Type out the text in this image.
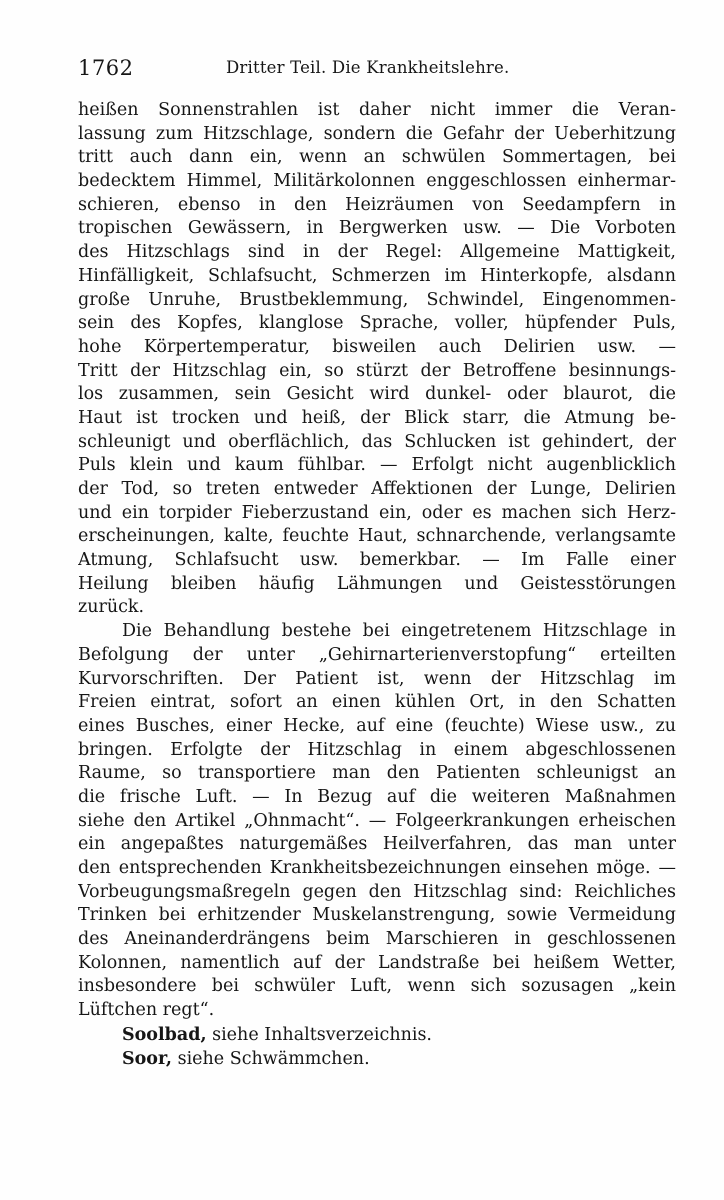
1762	Dritter Teil. Die Krankheitslehre.
heißen Sonnenstrahlen ist daher nicht immer die Veran-
lassung zum Hitzschlage, sondern die Gefahr der Ueberhitzung
tritt auch dann ein, wenn an schwülen Sommertagen, bei
bedecktem Himmel, Militärkolonnen enggeschlossen einhermar-
schieren, ebenso in den Heizräumen von Seedampfern in
tropischen Gewässern, in Bergwerken usw. — Die Vorboten
des Hitzschlags sind in der Regel: Allgemeine Mattigkeit,
Hinfälligkeit, Schlafsucht, Schmerzen im Hinterkopfe, alsdann
große Unruhe, Brustbeklemmung, Schwindel, Eingenommen-
sein des Kopfes, klanglose Sprache, voller, hüpfender Puls,
hohe Körpertemperatur, bisweilen auch Delirien usw. —
Tritt der Hitzschlag ein, so stürzt der Betroffene besinnungs-
los zusammen, sein Gesicht wird dunkel- oder blaurot, die
Haut ist trocken und heiß, der Blick starr, die Atmung be-
schleunigt und oberflächlich, das Schlucken ist gehindert, der
Puls klein und kaum fühlbar. — Erfolgt nicht augenblicklich
der Tod, so treten entweder Affektionen der Lunge, Delirien
und ein torpider Fieberzustand ein, oder es machen sich Herz-
erscheinungen, kalte, feuchte Haut, schnarchende, verlangsamte
Atmung, Schlafsucht usw. bemerkbar. — Im Falle einer
Heilung bleiben häufig Lähmungen und Geistesstörungen
zurück.
Die Behandlung bestehe bei eingetretenem Hitzschlage in
Befolgung der unter „Gehirnarterienverstopfung“ erteilten
Kurvorschriften. Der Patient ist, wenn der Hitzschlag im
Freien eintrat, sofort an einen kühlen Ort, in den Schatten
eines Busches, einer Hecke, auf eine (feuchte) Wiese usw., zu
bringen. Erfolgte der Hitzschlag in einem abgeschlossenen
Raume, so transportiere man den Patienten schleunigst an
die frische Luft. — In Bezug auf die weiteren Maßnahmen
siehe den Artikel „Ohnmacht“. — Folgeerkrankungen erheischen
ein angepaßtes naturgemäßes Heilverfahren, das man unter
den entsprechenden Krankheitsbezeichnungen einsehen möge. —
Vorbeugungsmaßregeln gegen den Hitzschlag sind: Reichliches
Trinken bei erhitzender Muskelanstrengung, sowie Vermeidung
des Aneinanderdrängens beim Marschieren in geschlossenen
Kolonnen, namentlich auf der Landstraße bei heißem Wetter,
insbesondere bei schwüler Luft, wenn sich sozusagen „kein
Lüftchen regt“.
Soolbad, siehe Inhaltsverzeichnis.
Soor, siehe Schwämmchen.
